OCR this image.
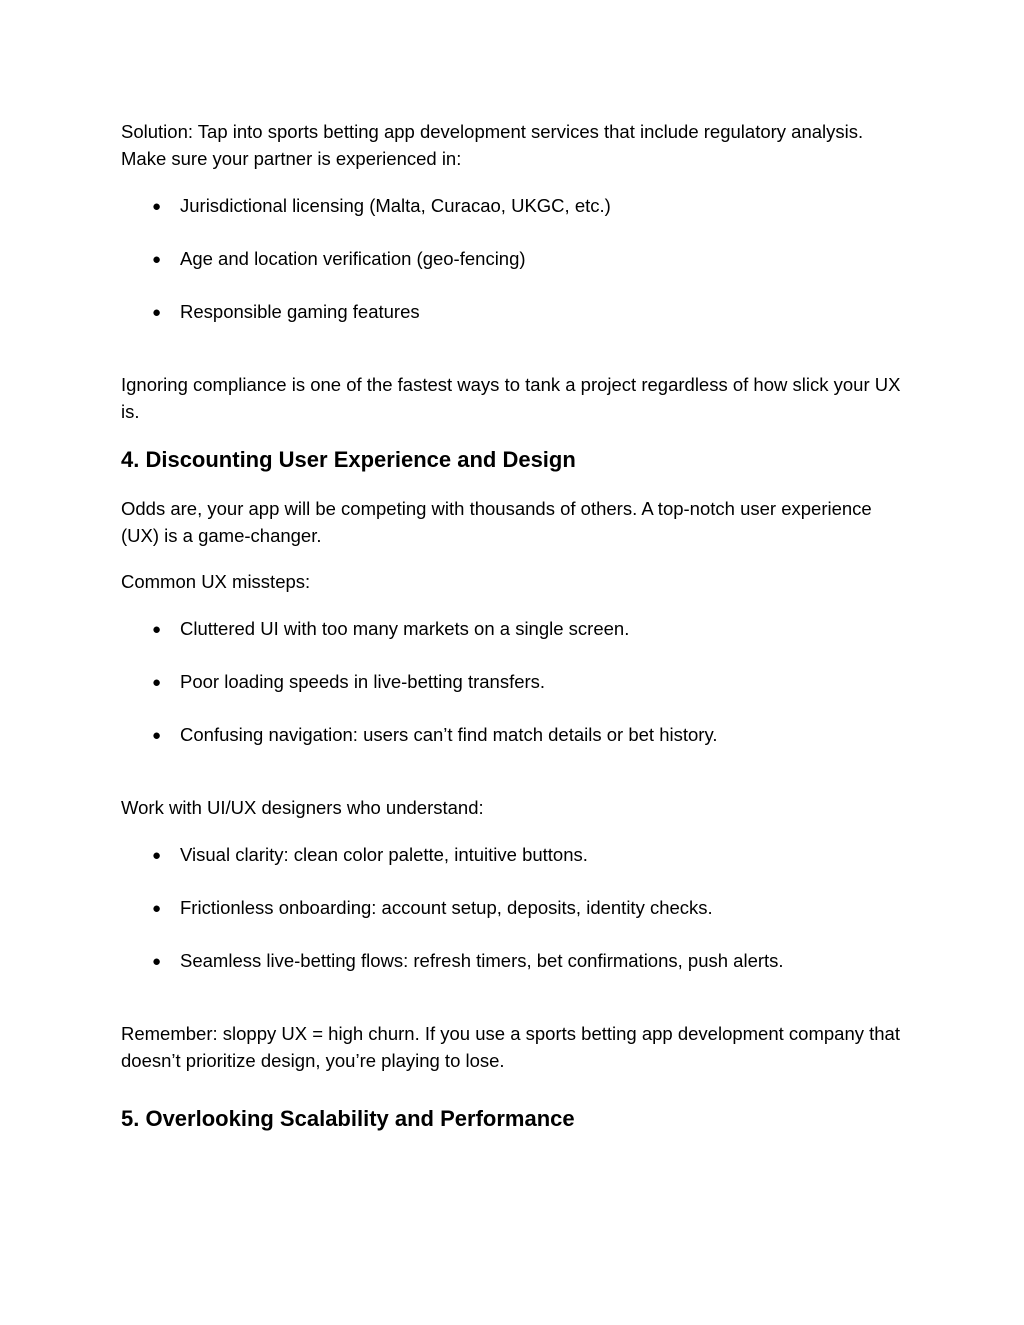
Solution: Tap into sports betting app development services that include regulatory analysis. Make sure your partner is experienced in:

● Jurisdictional licensing (Malta, Curacao, UKGC, etc.)
● Age and location verification (geo-fencing)
● Responsible gaming features

Ignoring compliance is one of the fastest ways to tank a project regardless of how slick your UX is.

4. Discounting User Experience and Design

Odds are, your app will be competing with thousands of others. A top-notch user experience (UX) is a game-changer.

Common UX missteps:

● Cluttered UI with too many markets on a single screen.
● Poor loading speeds in live-betting transfers.
● Confusing navigation: users can’t find match details or bet history.

Work with UI/UX designers who understand:

● Visual clarity: clean color palette, intuitive buttons.
● Frictionless onboarding: account setup, deposits, identity checks.
● Seamless live-betting flows: refresh timers, bet confirmations, push alerts.

Remember: sloppy UX = high churn. If you use a sports betting app development company that doesn’t prioritize design, you’re playing to lose.

5. Overlooking Scalability and Performance
